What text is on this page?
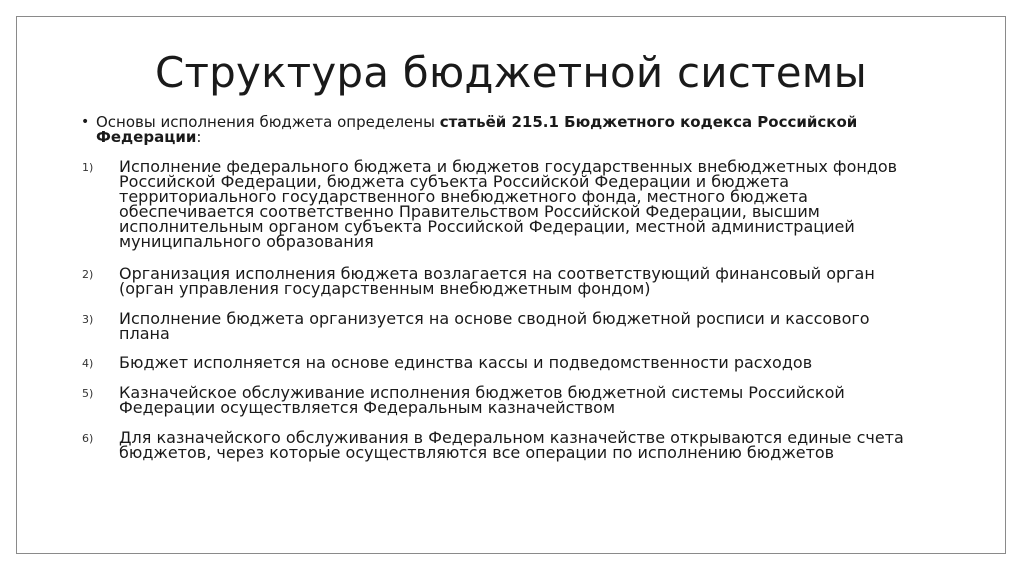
Структура бюджетной системы
• Основы исполнения бюджета определены статьёй 215.1 Бюджетного кодекса Российской Федерации:
1) Исполнение федерального бюджета и бюджетов государственных внебюджетных фондов Российской Федерации, бюджета субъекта Российской Федерации и бюджета территориального государственного внебюджетного фонда, местного бюджета обеспечивается соответственно Правительством Российской Федерации, высшим исполнительным органом субъекта Российской Федерации, местной администрацией муниципального образования
2) Организация исполнения бюджета возлагается на соответствующий финансовый орган (орган управления государственным внебюджетным фондом)
3) Исполнение бюджета организуется на основе сводной бюджетной росписи и кассового плана
4) Бюджет исполняется на основе единства кассы и подведомственности расходов
5) Казначейское обслуживание исполнения бюджетов бюджетной системы Российской Федерации осуществляется Федеральным казначейством
6) Для казначейского обслуживания в Федеральном казначействе открываются единые счета бюджетов, через которые осуществляются все операции по исполнению бюджетов
